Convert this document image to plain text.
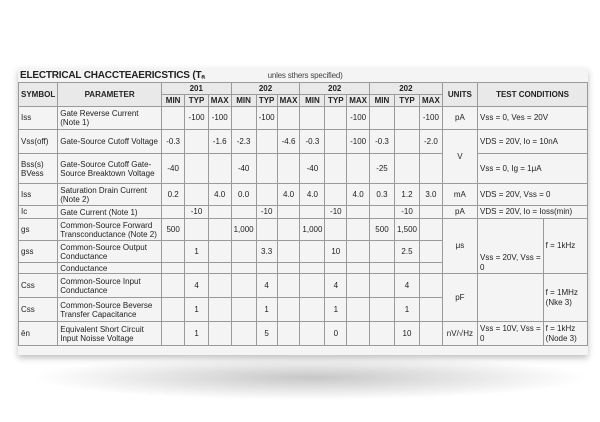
ELECTRICAL CHACCTEAERICSTICS (Tₐ	unles sthers specified)
SYMBOL	PARAMETER	201			202			202			202			UNITS	TEST CONDITIONS	
		MIN	TYP	MAX	MIN	TYP	MAX	MIN	TYP	MAX	MIN	TYP	MAX			
Iss	Gate Reverse Current (Note 1)		-100	-100		-100				-100			-100	pA	Vss = 0, Ves = 20V	
Vss(off)	Gate-Source Cutoff Voltage	-0.3		-1.6	-2.3		-4.6	-0.3		-100	-0.3		-2.0	V	VDS = 20V, Io = 10nA	
Bss(s) BVess	Gate-Source Cutoff Gate-Source Breaktown Voltage	-40			-40			-40			-25				Vss = 0, Ig = 1μA	
Iss	Saturation Drain Current (Note 2)	0.2		4.0	0.0		4.0	4.0		4.0	0.3	1.2	3.0	mA	VDS = 20V, Vss = 0	
Ic	Gate Current (Note 1)		-10			-10			-10			-10		pA	VDS = 20V, Io = Ioss(min)	
gs	Common-Source Forward Transconductance (Note 2)	500			1,000			1,000			500	1,500		μs	Vss = 20V, Vss = 0	f = 1kHz
gss	Common-Source Output Conductance		1			3.3			10			2.5				
	Conductance															
Css	Common-Source Input Conductance		4			4			4			4		pF		f = 1MHz (Nke 3)
Css	Common-Source Beverse Transfer Capacitance		1			1			1			1				
ēn	Equivalent Short Circuit Input Noisse Voltage		1			5			0			10		nV/√Hz	Vss = 10V, Vss = 0	f = 1kHz (Node 3)
